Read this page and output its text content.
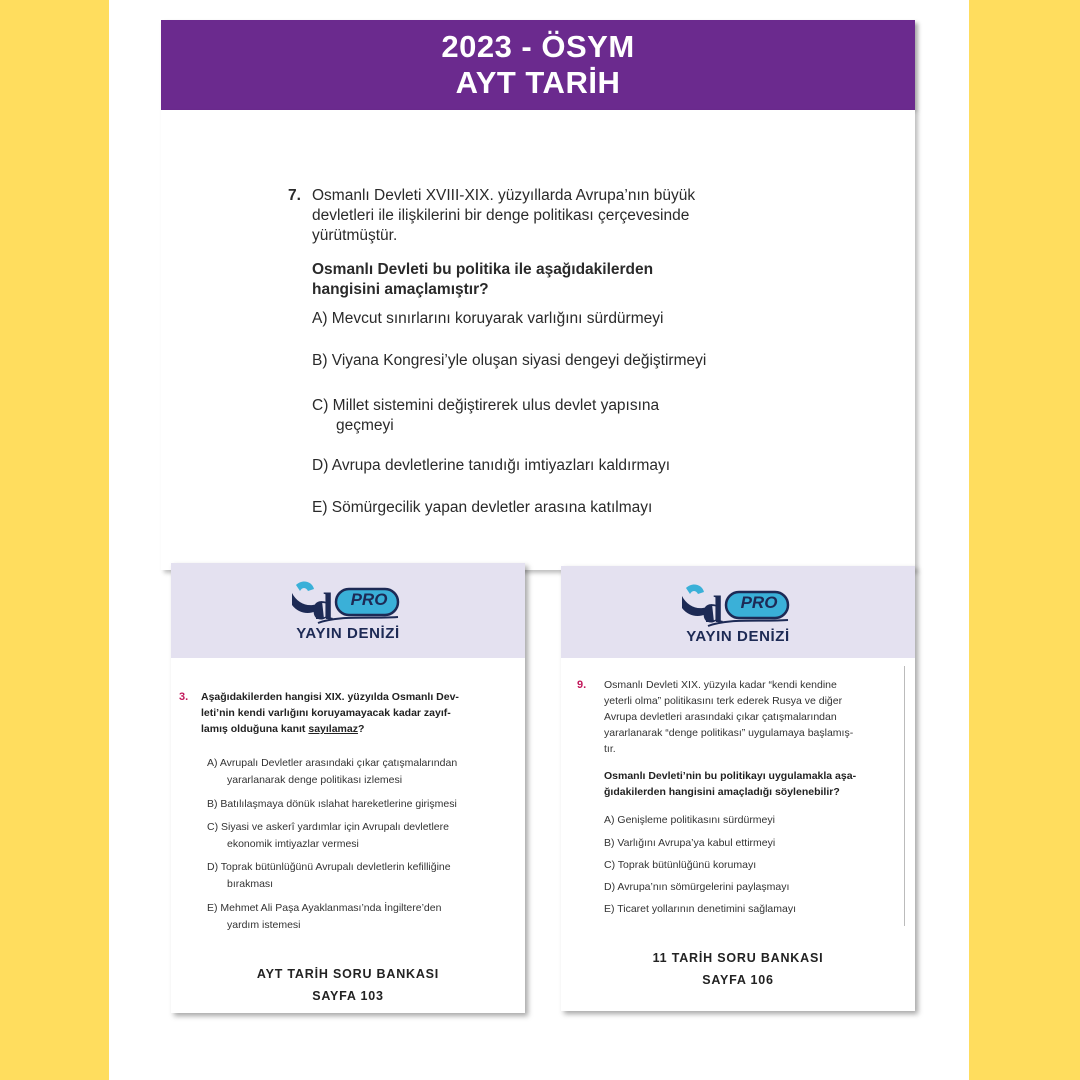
2023 - ÖSYM
AYT TARİH
7. Osmanlı Devleti XVIII-XIX. yüzyıllarda Avrupa’nın büyük
devletleri ile ilişkilerini bir denge politikası çerçevesinde
yürütmüştür.
Osmanlı Devleti bu politika ile aşağıdakilerden
hangisini amaçlamıştır?
A) Mevcut sınırlarını koruyarak varlığını sürdürmeyi
B) Viyana Kongresi’yle oluşan siyasi dengeyi değiştirmeyi
C) Millet sistemini değiştirerek ulus devlet yapısına
geçmeyi
D) Avrupa devletlerine tanıdığı imtiyazları kaldırmayı
E) Sömürgecilik yapan devletler arasına katılmayı
d	PRO
YAYIN DENİZİ
3. Aşağıdakilerden hangisi XIX. yüzyılda Osmanlı Dev-
leti’nin kendi varlığını koruyamayacak kadar zayıf-
lamış olduğuna kanıt sayılamaz?
A) Avrupalı Devletler arasındaki çıkar çatışmalarından
yararlanarak denge politikası izlemesi
B) Batılılaşmaya dönük ıslahat hareketlerine girişmesi
C) Siyasi ve askerî yardımlar için Avrupalı devletlere
ekonomik imtiyazlar vermesi
D) Toprak bütünlüğünü Avrupalı devletlerin kefilliğine
bırakması
E) Mehmet Ali Paşa Ayaklanması’nda İngiltere’den
yardım istemesi
AYT TARİH SORU BANKASI
SAYFA 103
d	PRO
YAYIN DENİZİ
9. Osmanlı Devleti XIX. yüzyıla kadar “kendi kendine
yeterli olma” politikasını terk ederek Rusya ve diğer
Avrupa devletleri arasındaki çıkar çatışmalarından
yararlanarak “denge politikası” uygulamaya başlamış-
tır.
Osmanlı Devleti’nin bu politikayı uygulamakla aşa-
ğıdakilerden hangisini amaçladığı söylenebilir?
A) Genişleme politikasını sürdürmeyi
B) Varlığını Avrupa’ya kabul ettirmeyi
C) Toprak bütünlüğünü korumayı
D) Avrupa’nın sömürgelerini paylaşmayı
E) Ticaret yollarının denetimini sağlamayı
11 TARİH SORU BANKASI
SAYFA 106
